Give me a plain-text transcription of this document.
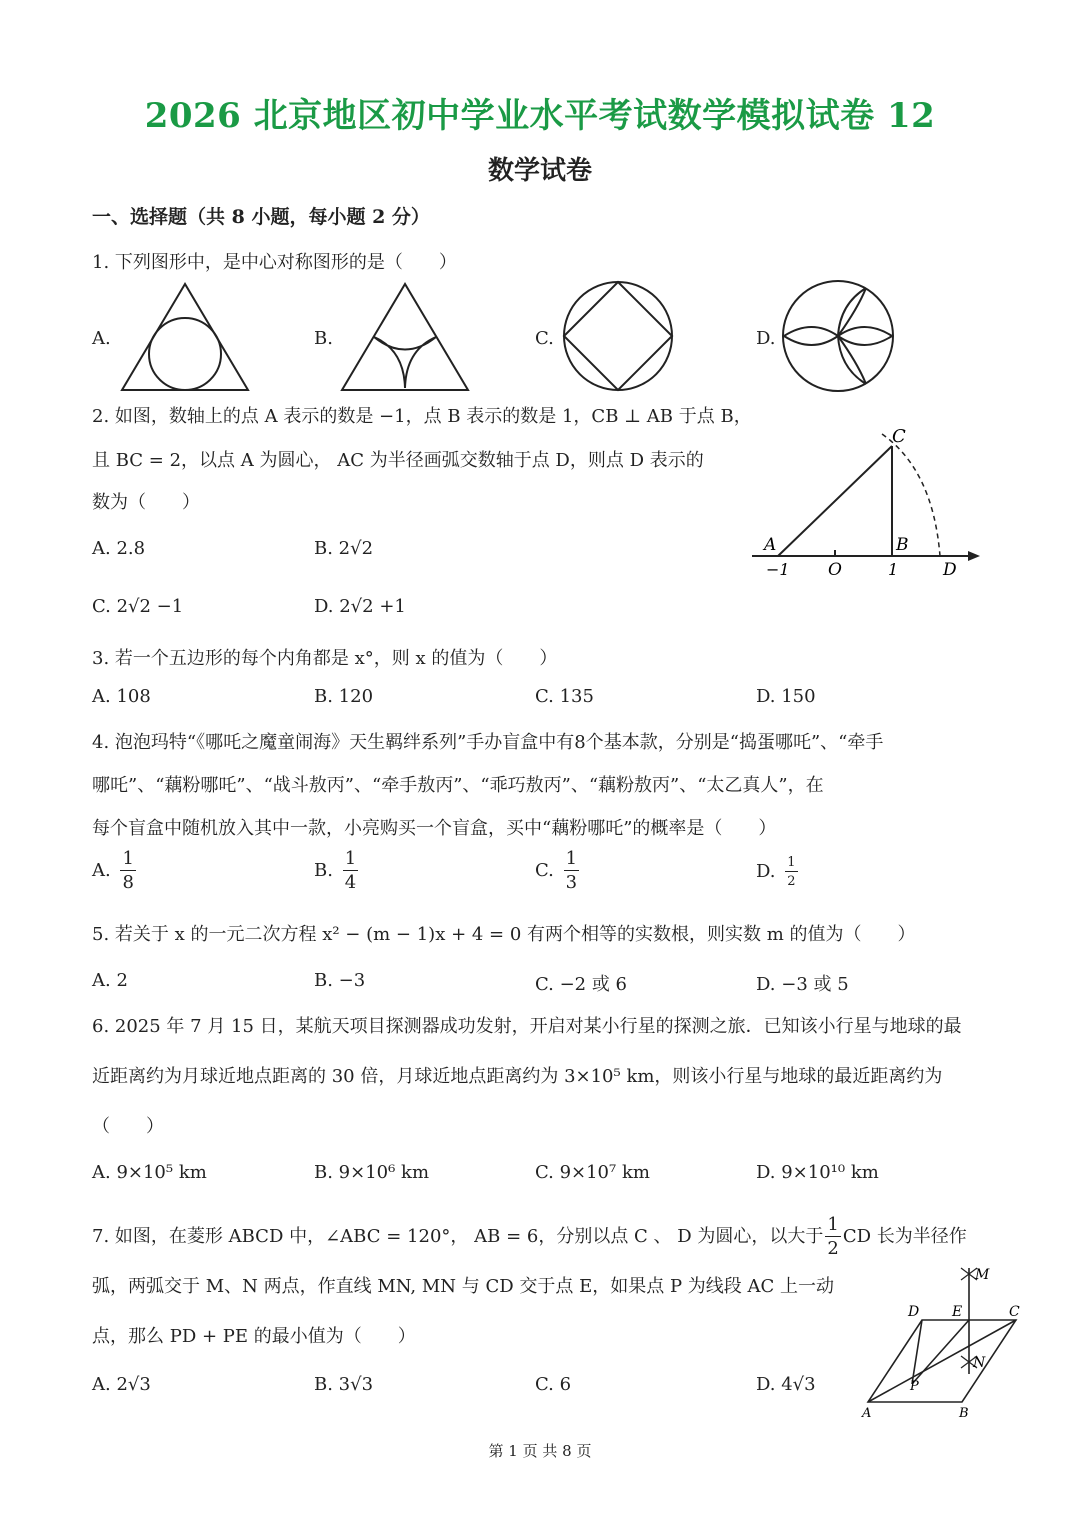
2026 北京地区初中学业水平考试数学模拟试卷 12
数学试卷
一、选择题（共 8 小题，每小题 2 分）
1. 下列图形中，是中心对称图形的是（　　）
A.	B.	C.	D.
2. 如图，数轴上的点 A 表示的数是 −1，点 B 表示的数是 1，CB ⊥ AB 于点 B，
且 BC = 2，以点 A 为圆心， AC 为半径画弧交数轴于点 D，则点 D 表示的
数为（　　）
A. 2.8	B. 2√2
C. 2√2 −1	D. 2√2 +1
C
A	B
−1 O	1	D
3. 若一个五边形的每个内角都是 x°，则 x 的值为（　　）
A. 108	B. 120	C. 135	D. 150
4. 泡泡玛特“《哪吒之魔童闹海》天生羁绊系列”手办盲盒中有8个基本款，分别是“捣蛋哪吒”、“牵手
哪吒”、“藕粉哪吒”、“战斗敖丙”、“牵手敖丙”、“乖巧敖丙”、“藕粉敖丙”、“太乙真人”，在
每个盲盒中随机放入其中一款，小亮购买一个盲盒，买中“藕粉哪吒”的概率是（　　）
A. $\frac{1}{8}$	B. $\frac{1}{4}$	C. $\frac{1}{3}$	D. $\frac{1}{2}$
5. 若关于 x 的一元二次方程 x² − (m − 1)x + 4 = 0 有两个相等的实数根，则实数 m 的值为（　　）
A. 2	B. −3	C. −2 或 6	D. −3 或 5
6. 2025 年 7 月 15 日，某航天项目探测器成功发射，开启对某小行星的探测之旅．已知该小行星与地球的最
近距离约为月球近地点距离的 30 倍，月球近地点距离约为 3×10⁵ km，则该小行星与地球的最近距离约为
（　　）
A. 9×10⁵ km	B. 9×10⁶ km	C. 9×10⁷ km	D. 9×10¹⁰ km
7. 如图，在菱形 ABCD 中，∠ABC = 120°， AB = 6，分别以点 C 、 D 为圆心，以大于 $\frac{1}{2}$ CD 长为半径作
弧，两弧交于 M、N 两点，作直线 MN, MN 与 CD 交于点 E，如果点 P 为线段 AC 上一动
点，那么 PD + PE 的最小值为（　　）
A. 2√3	B. 3√3	C. 6	D. 4√3
M
N
D E	C
P
A	B
第 1 页 共 8 页
